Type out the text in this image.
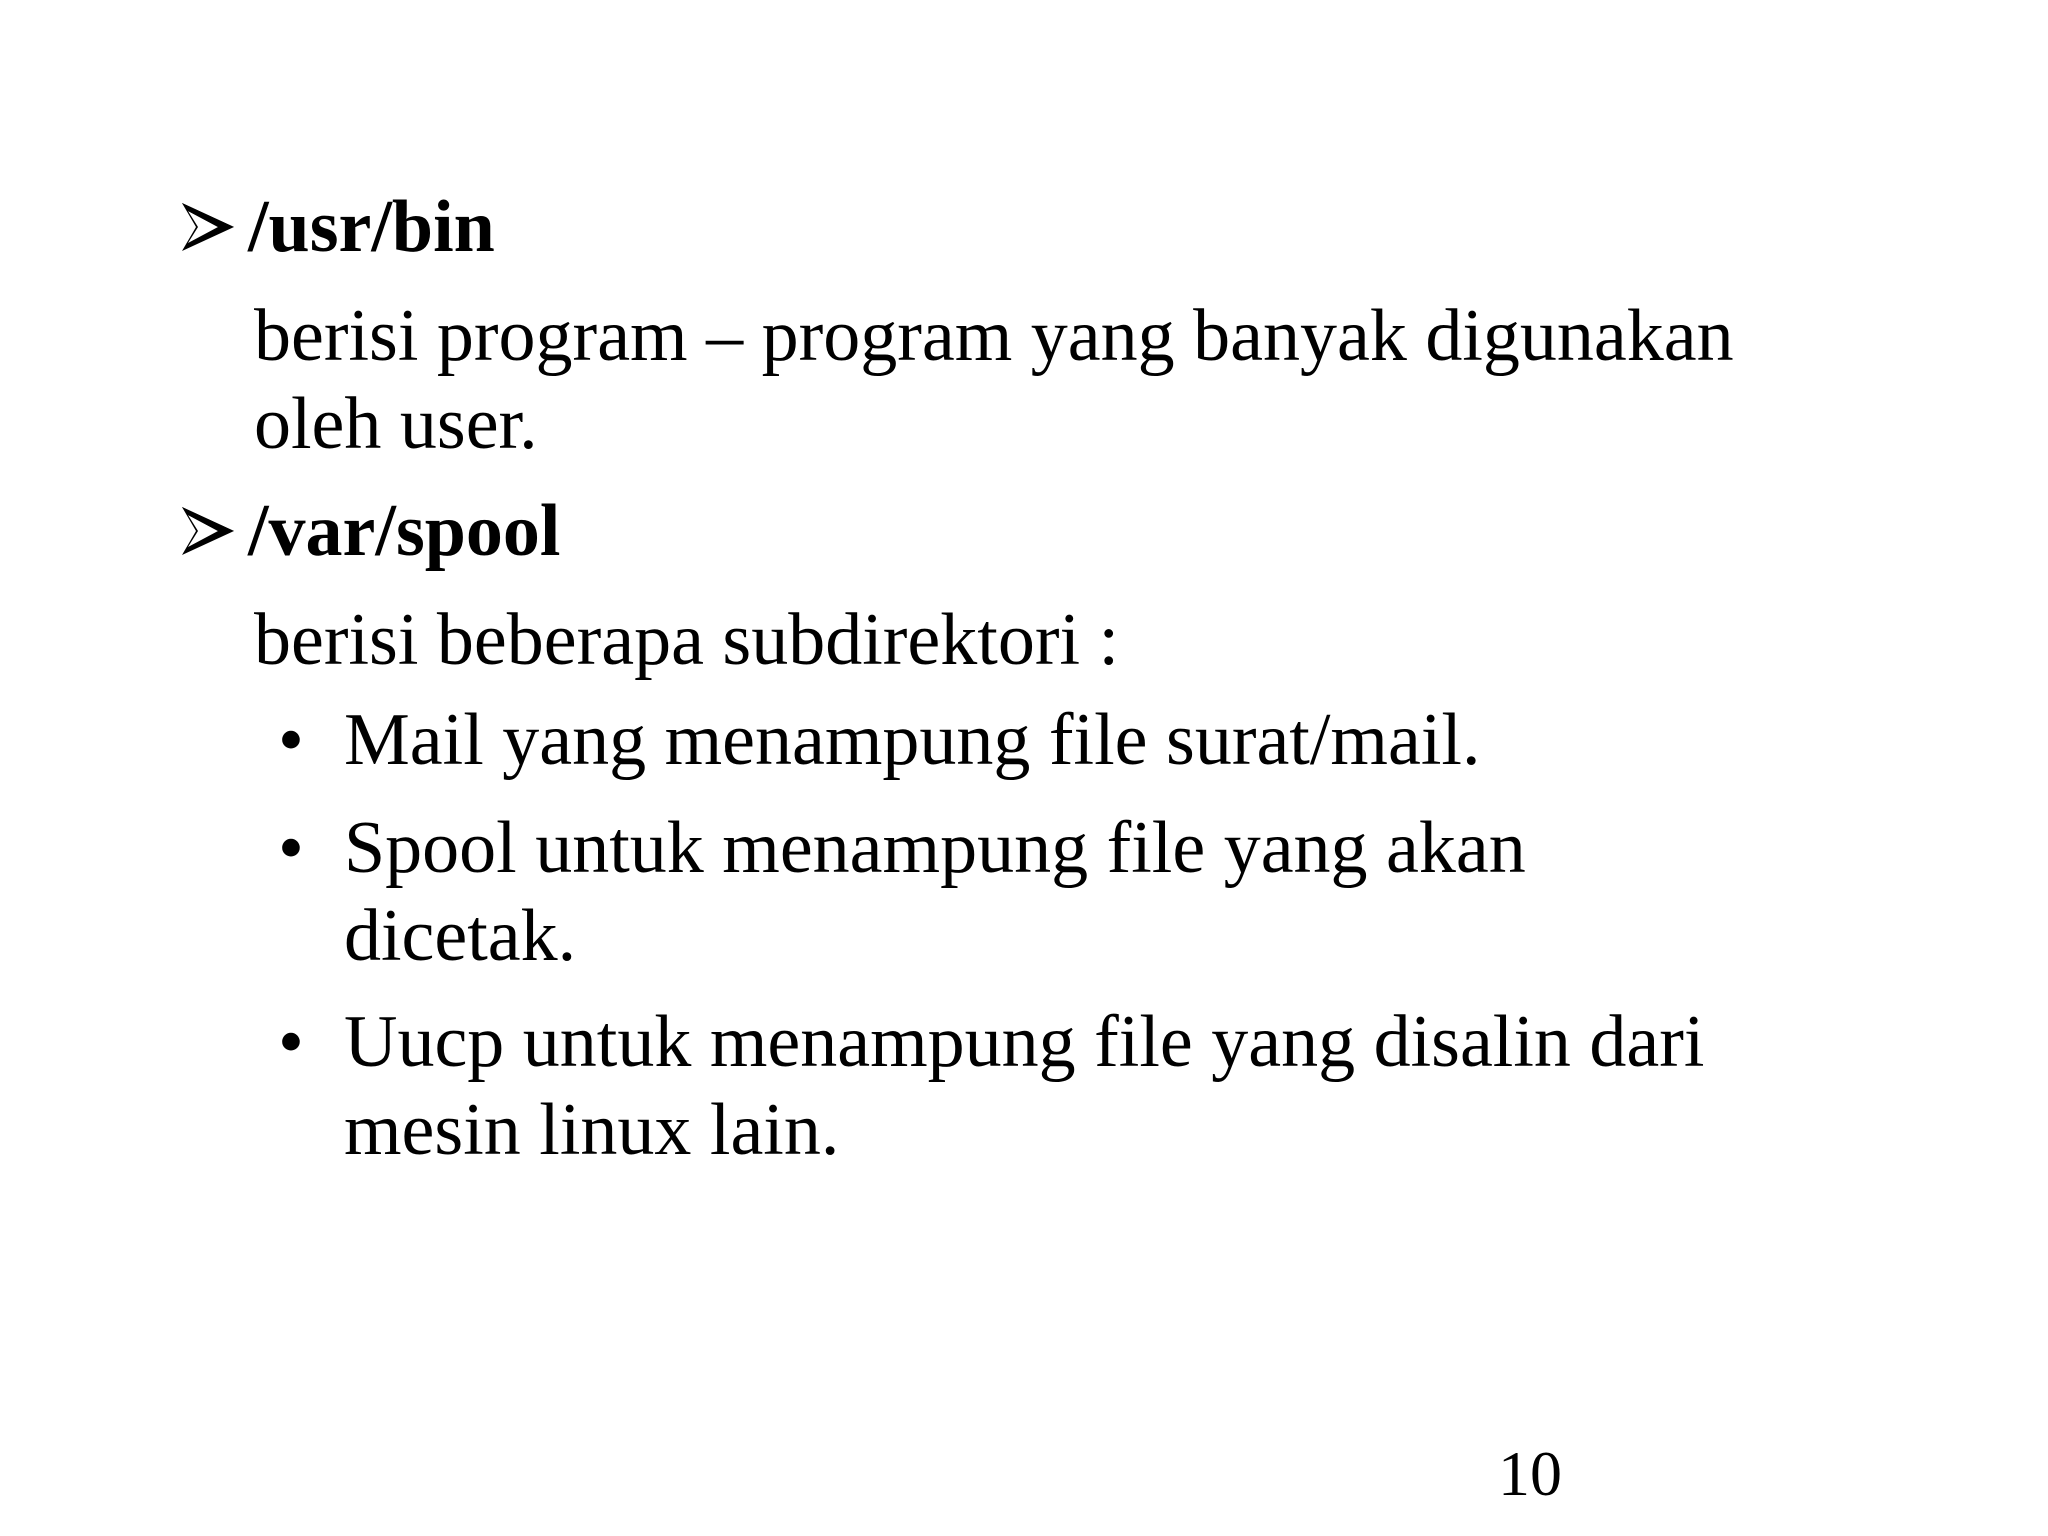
/usr/bin
berisi program – program yang banyak digunakan
oleh user.
/var/spool
berisi beberapa subdirektori :
• Mail yang menampung file surat/mail.
• Spool untuk menampung file yang akan
dicetak.
• Uucp untuk menampung file yang disalin dari
mesin linux lain.
10
